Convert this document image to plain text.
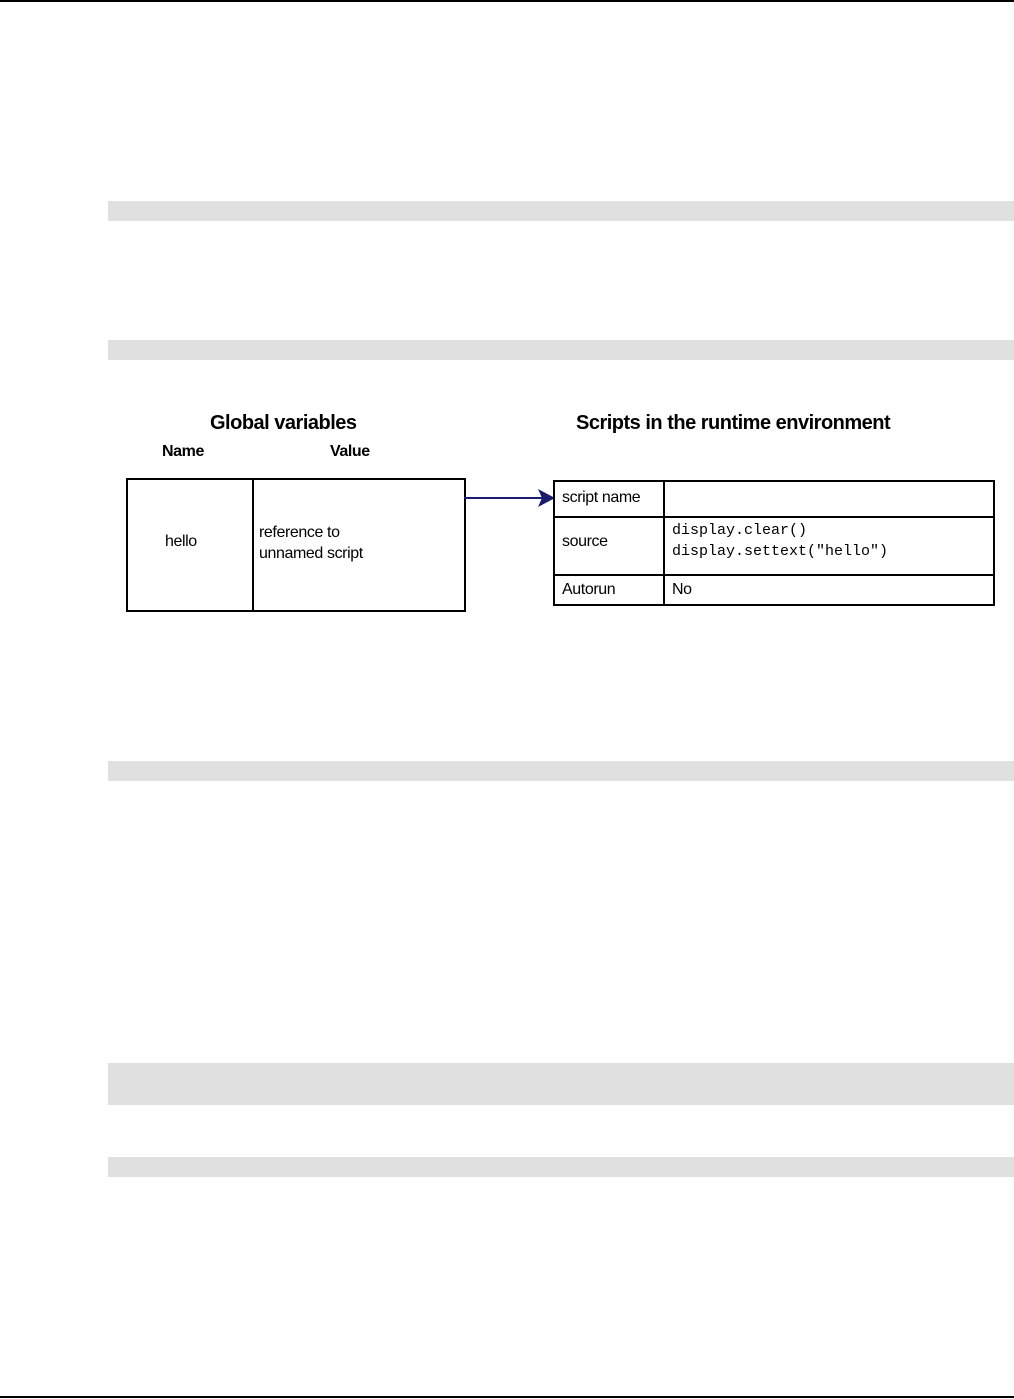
Global variables
Name	Value
hello
reference to
unnamed script
Scripts in the runtime environment
script name
source
display.clear()
display.settext("hello")
Autorun	No
